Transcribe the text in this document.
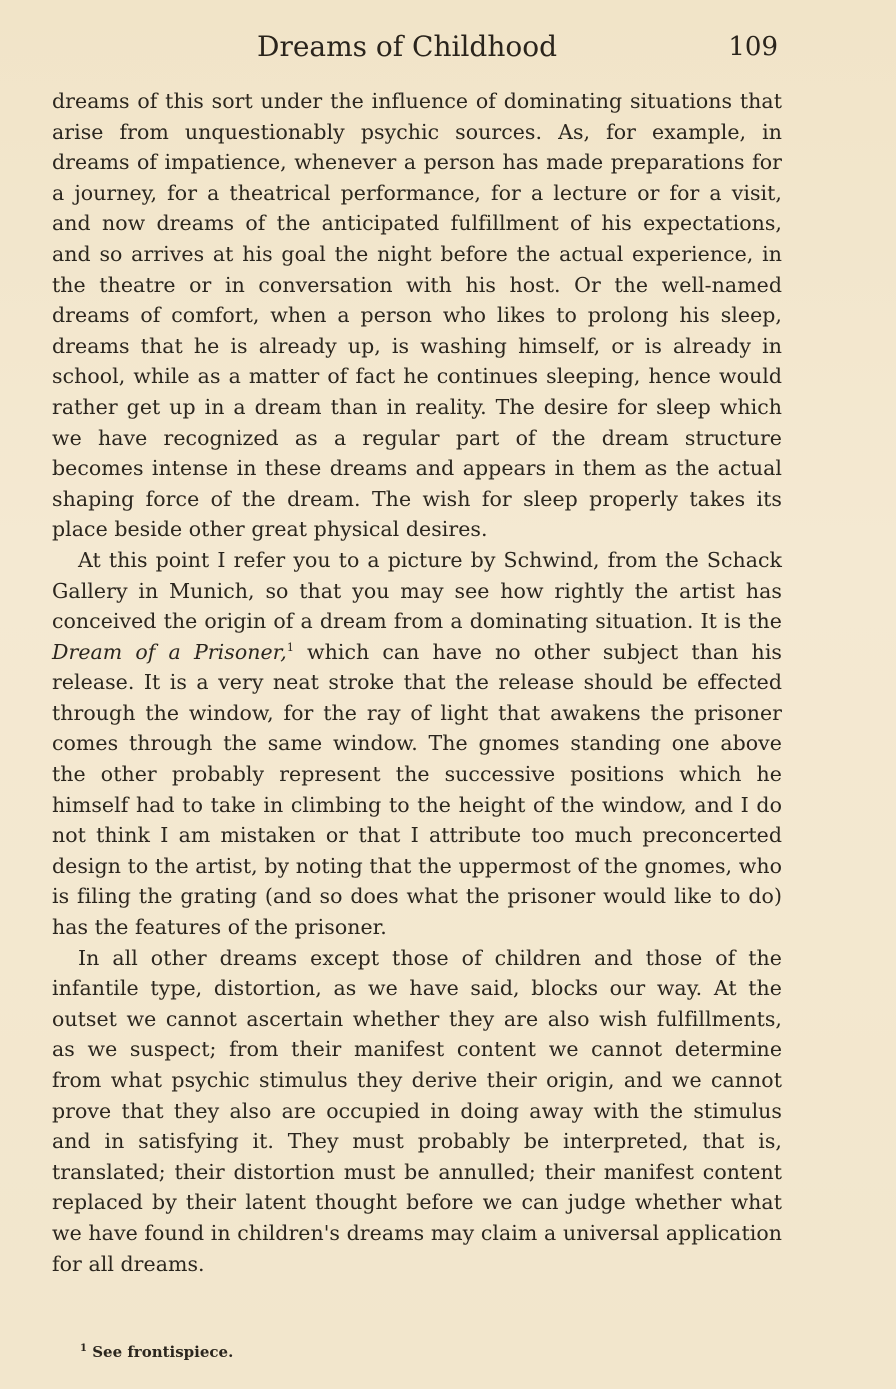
Dreams of Childhood	109

dreams of this sort under the influence of dominating situations that arise from unquestionably psychic sources. As, for example, in dreams of impatience, whenever a person has made preparations for a journey, for a theatrical performance, for a lecture or for a visit, and now dreams of the anticipated fulfillment of his expectations, and so arrives at his goal the night before the actual experience, in the theatre or in conversation with his host. Or the well-named dreams of comfort, when a person who likes to prolong his sleep, dreams that he is already up, is washing himself, or is already in school, while as a matter of fact he continues sleeping, hence would rather get up in a dream than in reality. The desire for sleep which we have recognized as a regular part of the dream structure becomes intense in these dreams and appears in them as the actual shaping force of the dream. The wish for sleep properly takes its place beside other great physical desires.

At this point I refer you to a picture by Schwind, from the Schack Gallery in Munich, so that you may see how rightly the artist has conceived the origin of a dream from a dominating situation. It is the Dream of a Prisoner,$^1$ which can have no other subject than his release. It is a very neat stroke that the release should be effected through the window, for the ray of light that awakens the prisoner comes through the same window. The gnomes standing one above the other probably represent the successive positions which he himself had to take in climbing to the height of the window, and I do not think I am mistaken or that I attribute too much preconcerted design to the artist, by noting that the uppermost of the gnomes, who is filing the grating (and so does what the prisoner would like to do) has the features of the prisoner.

In all other dreams except those of children and those of the infantile type, distortion, as we have said, blocks our way. At the outset we cannot ascertain whether they are also wish fulfillments, as we suspect; from their manifest content we cannot determine from what psychic stimulus they derive their origin, and we cannot prove that they also are occupied in doing away with the stimulus and in satisfying it. They must probably be interpreted, that is, translated; their distortion must be annulled; their manifest content replaced by their latent thought before we can judge whether what we have found in children's dreams may claim a universal application for all dreams.

$^1$ See frontispiece.
